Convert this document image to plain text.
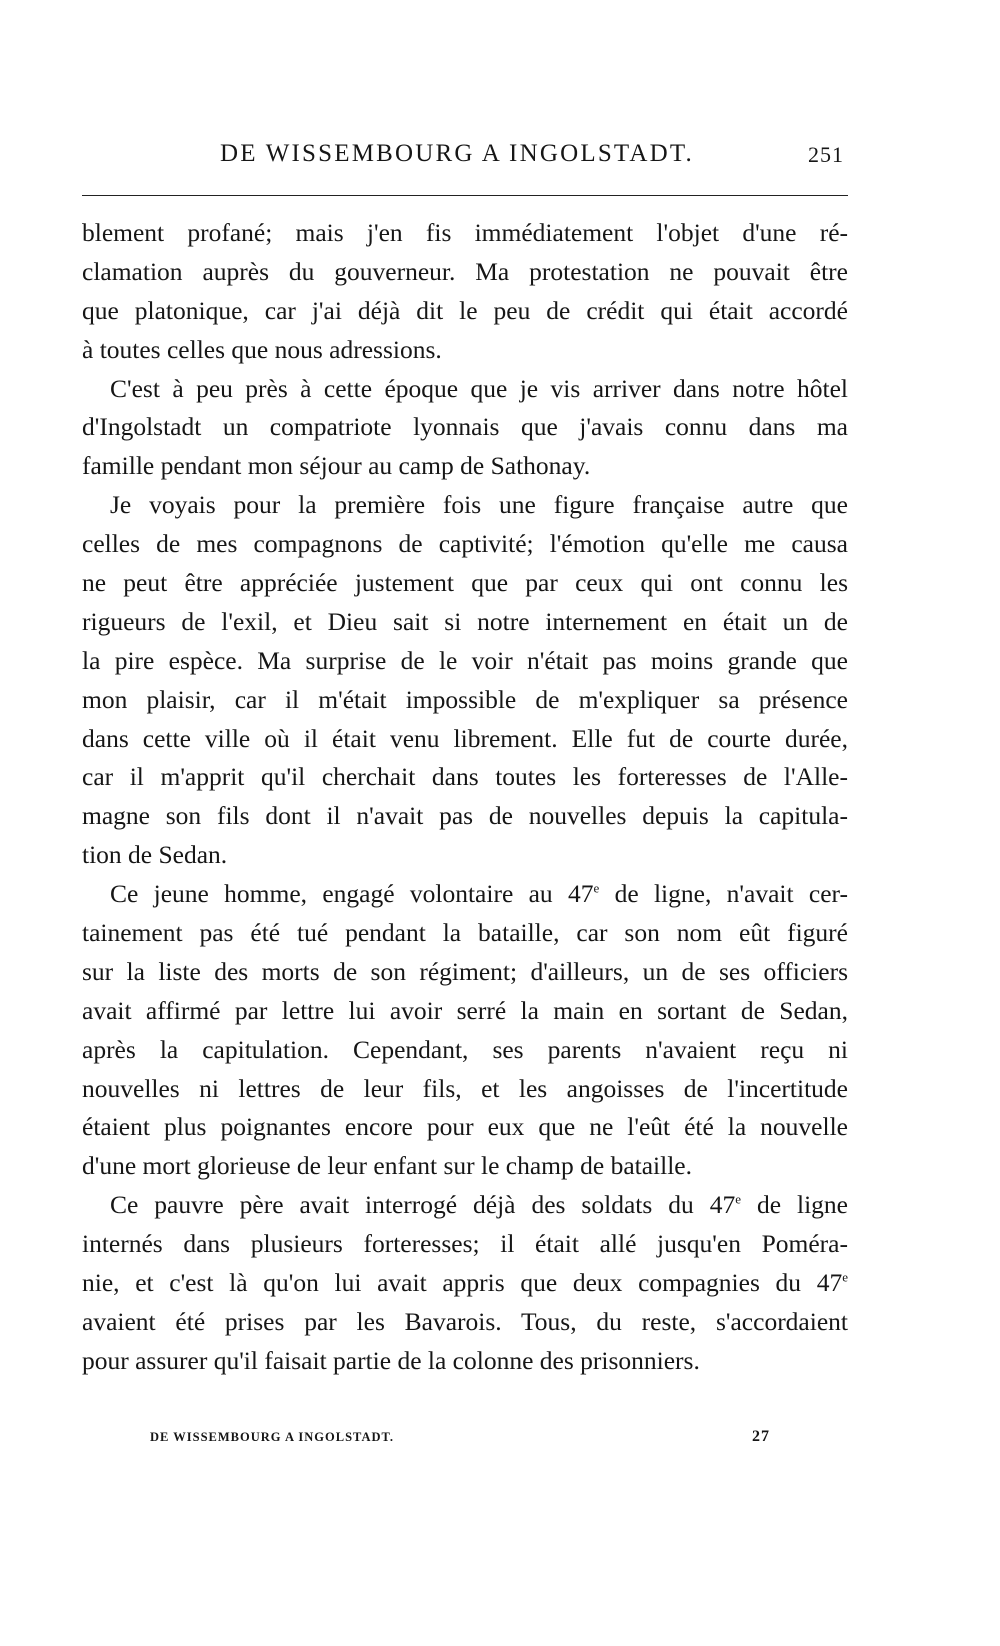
DE WISSEMBOURG A INGOLSTADT.	251
blement profané; mais j'en fis immédiatement l'objet d'une ré-
clamation auprès du gouverneur. Ma protestation ne pouvait être
que platonique, car j'ai déjà dit le peu de crédit qui était accordé
à toutes celles que nous adressions.
C'est à peu près à cette époque que je vis arriver dans notre hôtel
d'Ingolstadt un compatriote lyonnais que j'avais connu dans ma
famille pendant mon séjour au camp de Sathonay.
Je voyais pour la première fois une figure française autre que
celles de mes compagnons de captivité; l'émotion qu'elle me causa
ne peut être appréciée justement que par ceux qui ont connu les
rigueurs de l'exil, et Dieu sait si notre internement en était un de
la pire espèce. Ma surprise de le voir n'était pas moins grande que
mon plaisir, car il m'était impossible de m'expliquer sa présence
dans cette ville où il était venu librement. Elle fut de courte durée,
car il m'apprit qu'il cherchait dans toutes les forteresses de l'Alle-
magne son fils dont il n'avait pas de nouvelles depuis la capitula-
tion de Sedan.
Ce jeune homme, engagé volontaire au 47e de ligne, n'avait cer-
tainement pas été tué pendant la bataille, car son nom eût figuré
sur la liste des morts de son régiment; d'ailleurs, un de ses officiers
avait affirmé par lettre lui avoir serré la main en sortant de Sedan,
après la capitulation. Cependant, ses parents n'avaient reçu ni
nouvelles ni lettres de leur fils, et les angoisses de l'incertitude
étaient plus poignantes encore pour eux que ne l'eût été la nouvelle
d'une mort glorieuse de leur enfant sur le champ de bataille.
Ce pauvre père avait interrogé déjà des soldats du 47e de ligne
internés dans plusieurs forteresses; il était allé jusqu'en Poméra-
nie, et c'est là qu'on lui avait appris que deux compagnies du 47e
avaient été prises par les Bavarois. Tous, du reste, s'accordaient
pour assurer qu'il faisait partie de la colonne des prisonniers.
DE WISSEMBOURG A INGOLSTADT.	27
